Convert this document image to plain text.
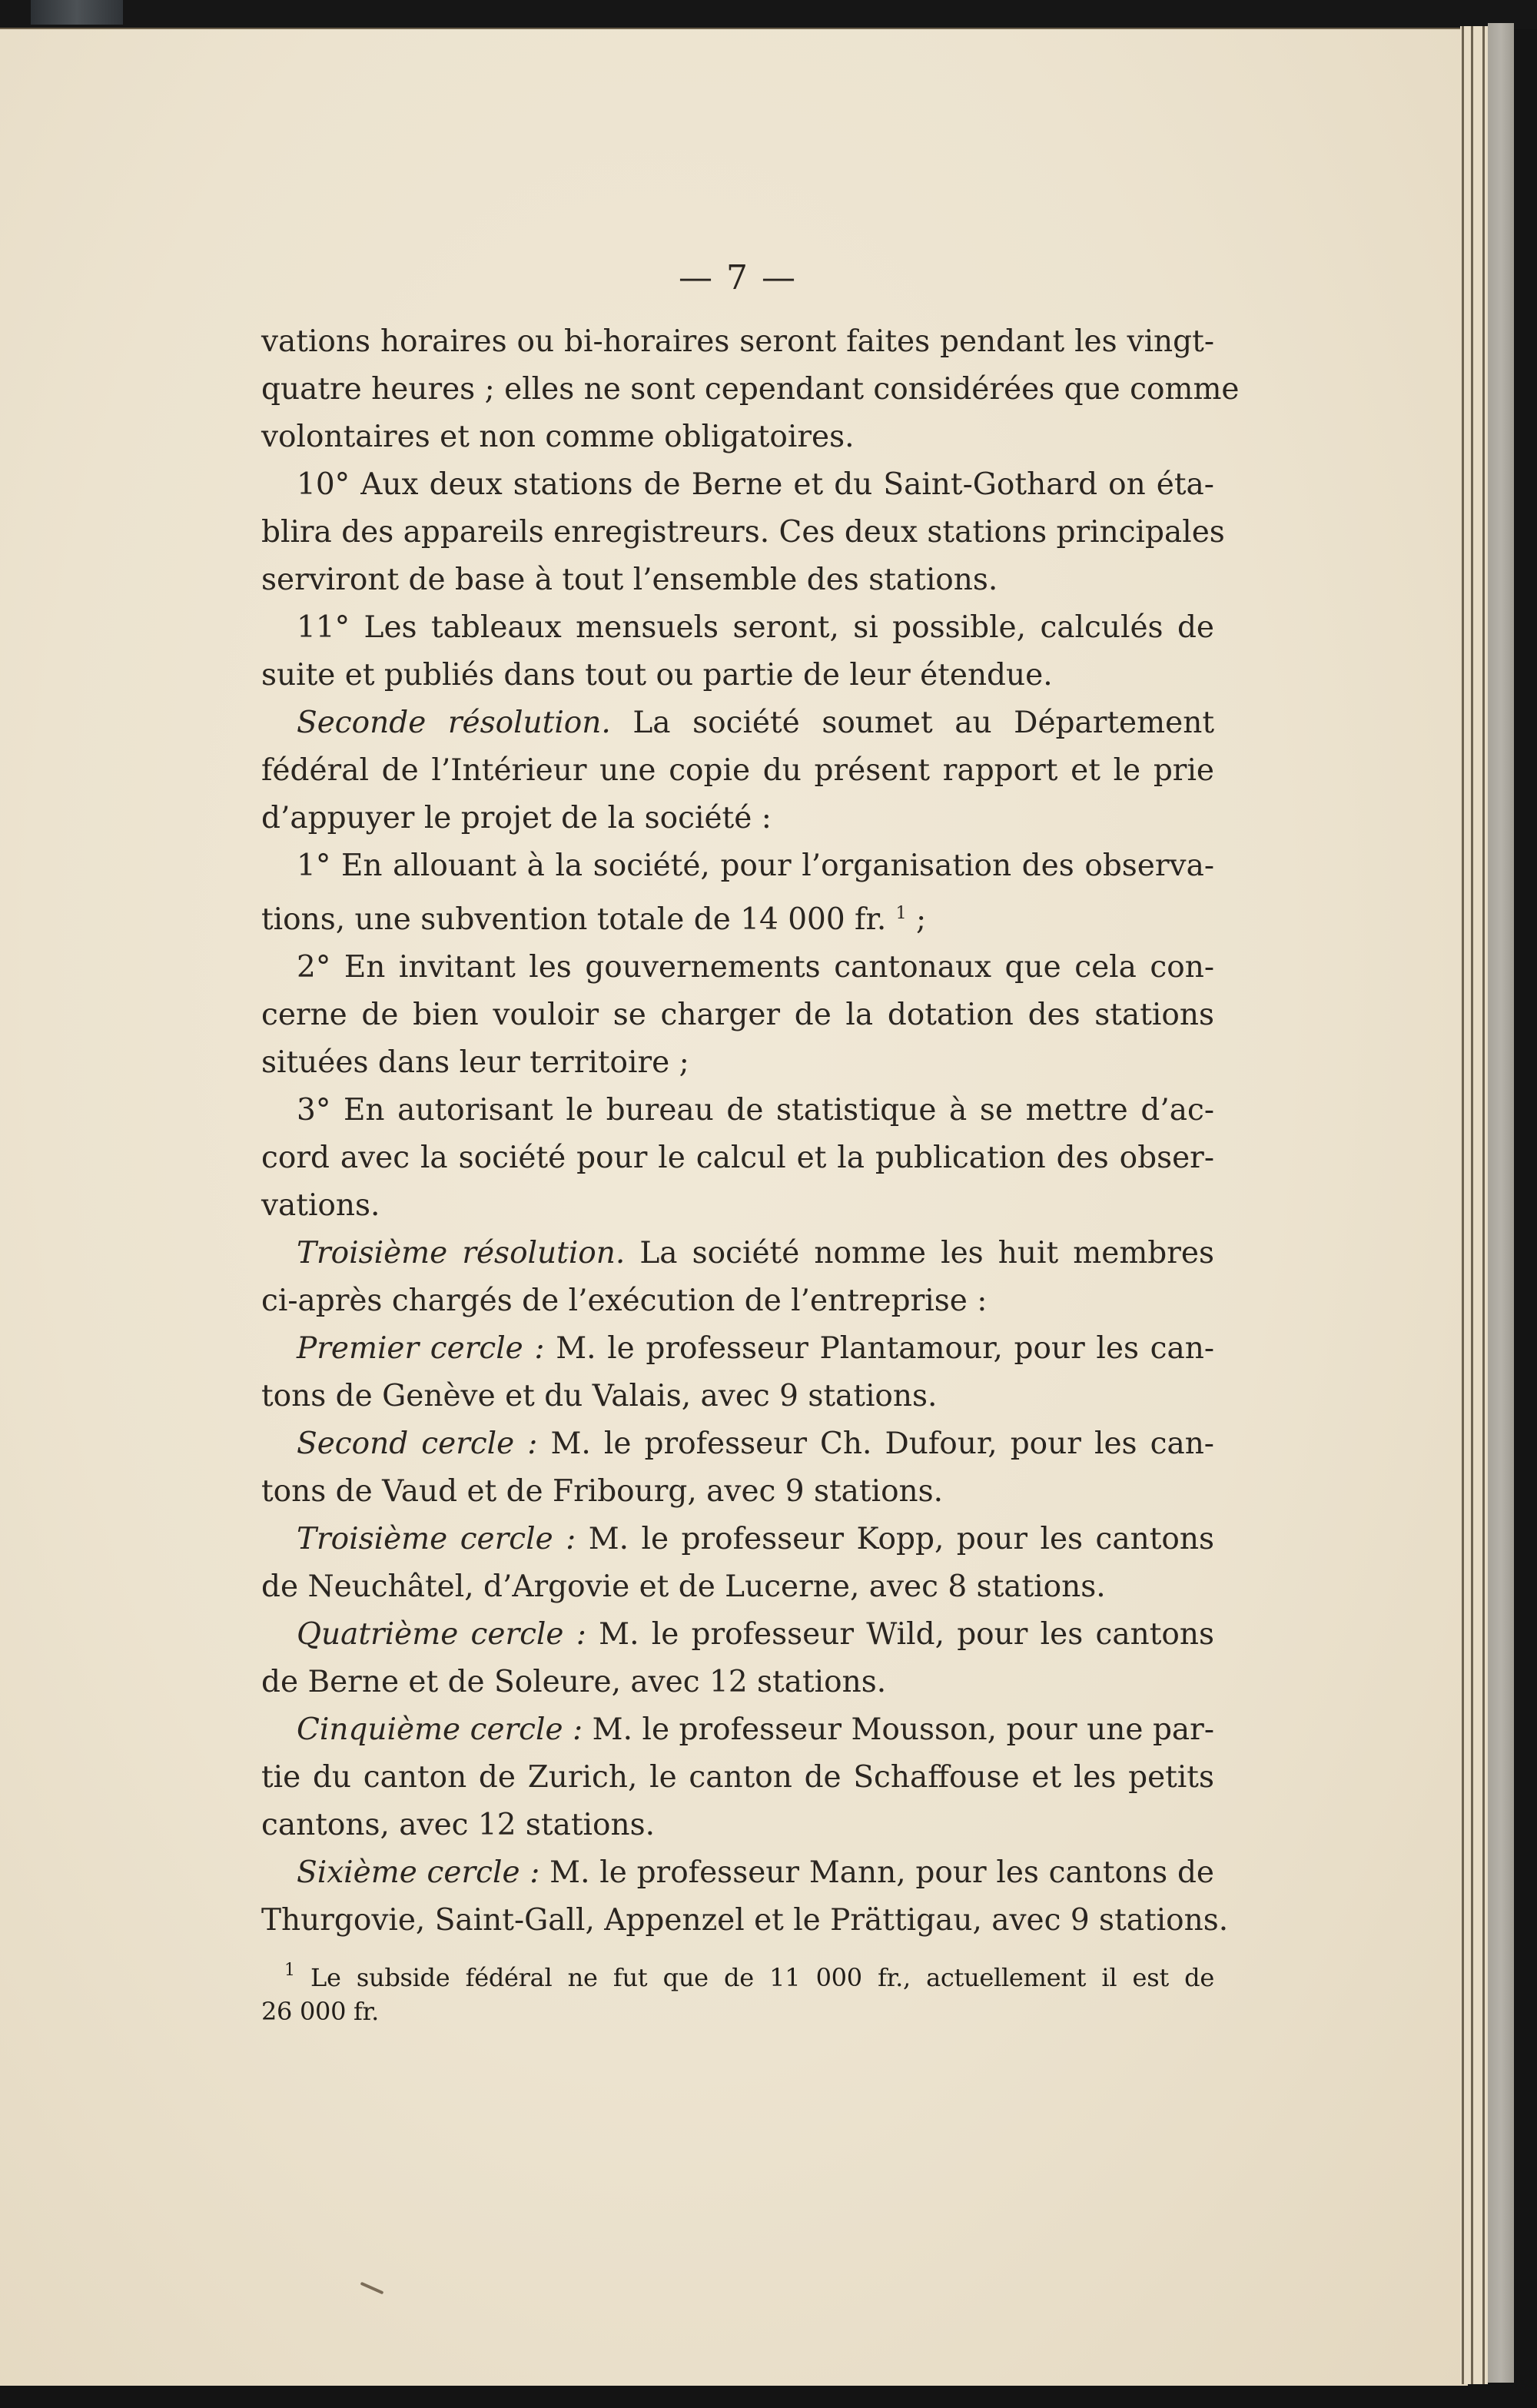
— 7 —
vations horaires ou bi-horaires seront faites pendant les vingt-
quatre heures ; elles ne sont cependant considérées que comme
volontaires et non comme obligatoires.
10° Aux deux stations de Berne et du Saint-Gothard on éta-
blira des appareils enregistreurs. Ces deux stations principales
serviront de base à tout l’ensemble des stations.
11° Les tableaux mensuels seront, si possible, calculés de
suite et publiés dans tout ou partie de leur étendue.
Seconde résolution. La société soumet au Département
fédéral de l’Intérieur une copie du présent rapport et le prie
d’appuyer le projet de la société :
1° En allouant à la société, pour l’organisation des observa-
tions, une subvention totale de 14 000 fr. $^1$ ;
2° En invitant les gouvernements cantonaux que cela con-
cerne de bien vouloir se charger de la dotation des stations
situées dans leur territoire ;
3° En autorisant le bureau de statistique à se mettre d’ac-
cord avec la société pour le calcul et la publication des obser-
vations.
Troisième résolution. La société nomme les huit membres
ci-après chargés de l’exécution de l’entreprise :
Premier cercle : M. le professeur Plantamour, pour les can-
tons de Genève et du Valais, avec 9 stations.
Second cercle : M. le professeur Ch. Dufour, pour les can-
tons de Vaud et de Fribourg, avec 9 stations.
Troisième cercle : M. le professeur Kopp, pour les cantons
de Neuchâtel, d’Argovie et de Lucerne, avec 8 stations.
Quatrième cercle : M. le professeur Wild, pour les cantons
de Berne et de Soleure, avec 12 stations.
Cinquième cercle : M. le professeur Mousson, pour une par-
tie du canton de Zurich, le canton de Schaffouse et les petits
cantons, avec 12 stations.
Sixième cercle : M. le professeur Mann, pour les cantons de
Thurgovie, Saint-Gall, Appenzel et le Prättigau, avec 9 stations.
$^1$ Le subside fédéral ne fut que de 11 000 fr., actuellement il est de
26 000 fr.
